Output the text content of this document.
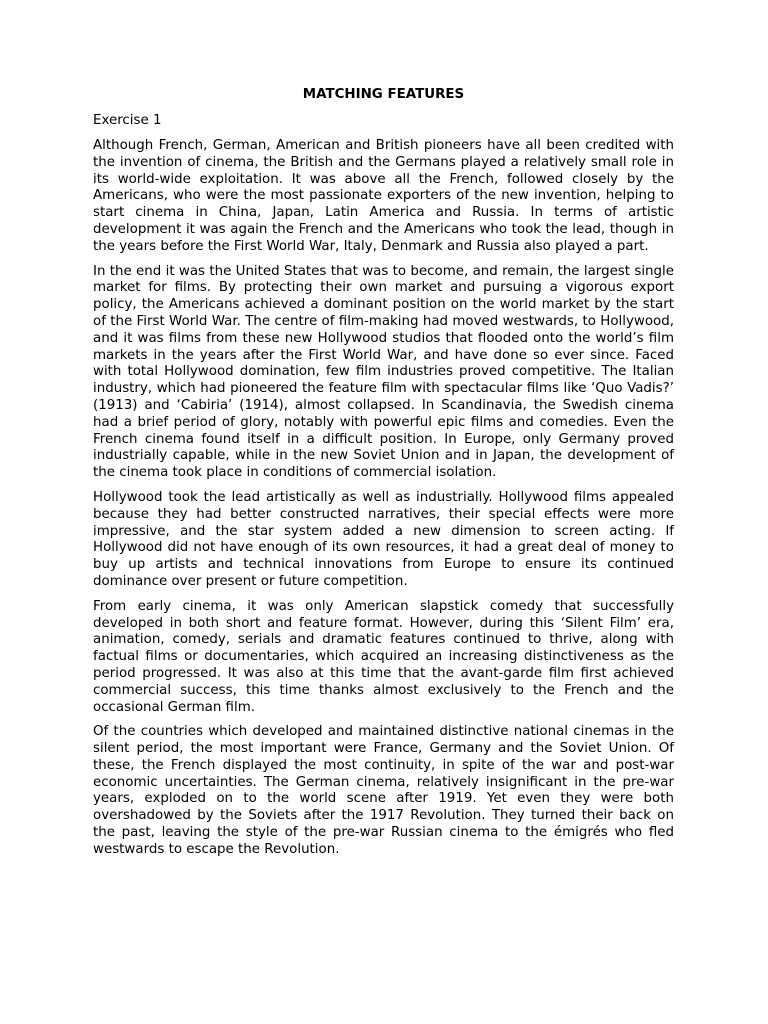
MATCHING FEATURES
Exercise 1

Although French, German, American and British pioneers have all been credited with the invention of cinema, the British and the Germans played a relatively small role in its world-wide exploitation. It was above all the French, followed closely by the Americans, who were the most passionate exporters of the new invention, helping to start cinema in China, Japan, Latin America and Russia. In terms of artistic development it was again the French and the Americans who took the lead, though in the years before the First World War, Italy, Denmark and Russia also played a part.

In the end it was the United States that was to become, and remain, the largest single market for films. By protecting their own market and pursuing a vigorous export policy, the Americans achieved a dominant position on the world market by the start of the First World War. The centre of film-making had moved westwards, to Hollywood, and it was films from these new Hollywood studios that flooded onto the world’s film markets in the years after the First World War, and have done so ever since. Faced with total Hollywood domination, few film industries proved competitive. The Italian industry, which had pioneered the feature film with spectacular films like ‘Quo Vadis?’ (1913) and ‘Cabiria’ (1914), almost collapsed. In Scandinavia, the Swedish cinema had a brief period of glory, notably with powerful epic films and comedies. Even the French cinema found itself in a difficult position. In Europe, only Germany proved industrially capable, while in the new Soviet Union and in Japan, the development of the cinema took place in conditions of commercial isolation.

Hollywood took the lead artistically as well as industrially. Hollywood films appealed because they had better constructed narratives, their special effects were more impressive, and the star system added a new dimension to screen acting. If Hollywood did not have enough of its own resources, it had a great deal of money to buy up artists and technical innovations from Europe to ensure its continued dominance over present or future competition.

From early cinema, it was only American slapstick comedy that successfully developed in both short and feature format. However, during this ‘Silent Film’ era, animation, comedy, serials and dramatic features continued to thrive, along with factual films or documentaries, which acquired an increasing distinctiveness as the period progressed. It was also at this time that the avant-garde film first achieved commercial success, this time thanks almost exclusively to the French and the occasional German film.

Of the countries which developed and maintained distinctive national cinemas in the silent period, the most important were France, Germany and the Soviet Union. Of these, the French displayed the most continuity, in spite of the war and post-war economic uncertainties. The German cinema, relatively insignificant in the pre-war years, exploded on to the world scene after 1919. Yet even they were both overshadowed by the Soviets after the 1917 Revolution. They turned their back on the past, leaving the style of the pre-war Russian cinema to the émigrés who fled westwards to escape the Revolution.
